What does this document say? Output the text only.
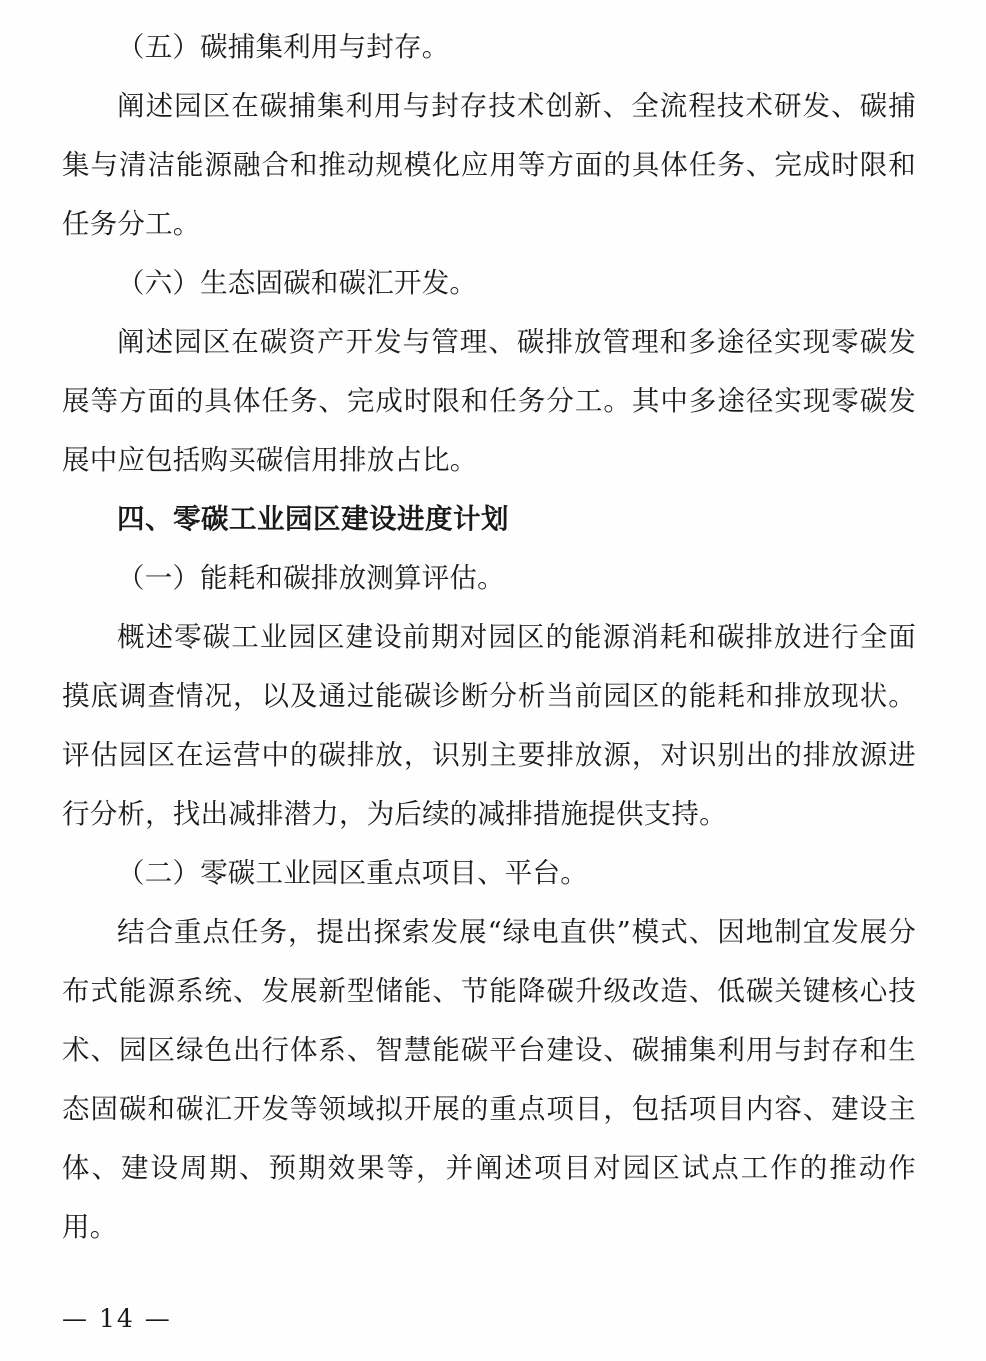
（五）碳捕集利用与封存。

阐述园区在碳捕集利用与封存技术创新、全流程技术研发、碳捕集与清洁能源融合和推动规模化应用等方面的具体任务、完成时限和任务分工。

（六）生态固碳和碳汇开发。

阐述园区在碳资产开发与管理、碳排放管理和多途径实现零碳发展等方面的具体任务、完成时限和任务分工。其中多途径实现零碳发展中应包括购买碳信用排放占比。

四、零碳工业园区建设进度计划

（一）能耗和碳排放测算评估。

概述零碳工业园区建设前期对园区的能源消耗和碳排放进行全面摸底调查情况，以及通过能碳诊断分析当前园区的能耗和排放现状。评估园区在运营中的碳排放，识别主要排放源，对识别出的排放源进行分析，找出减排潜力，为后续的减排措施提供支持。

（二）零碳工业园区重点项目、平台。

结合重点任务，提出探索发展“绿电直供”模式、因地制宜发展分布式能源系统、发展新型储能、节能降碳升级改造、低碳关键核心技术、园区绿色出行体系、智慧能碳平台建设、碳捕集利用与封存和生态固碳和碳汇开发等领域拟开展的重点项目，包括项目内容、建设主体、建设周期、预期效果等，并阐述项目对园区试点工作的推动作用。

— 14 —
